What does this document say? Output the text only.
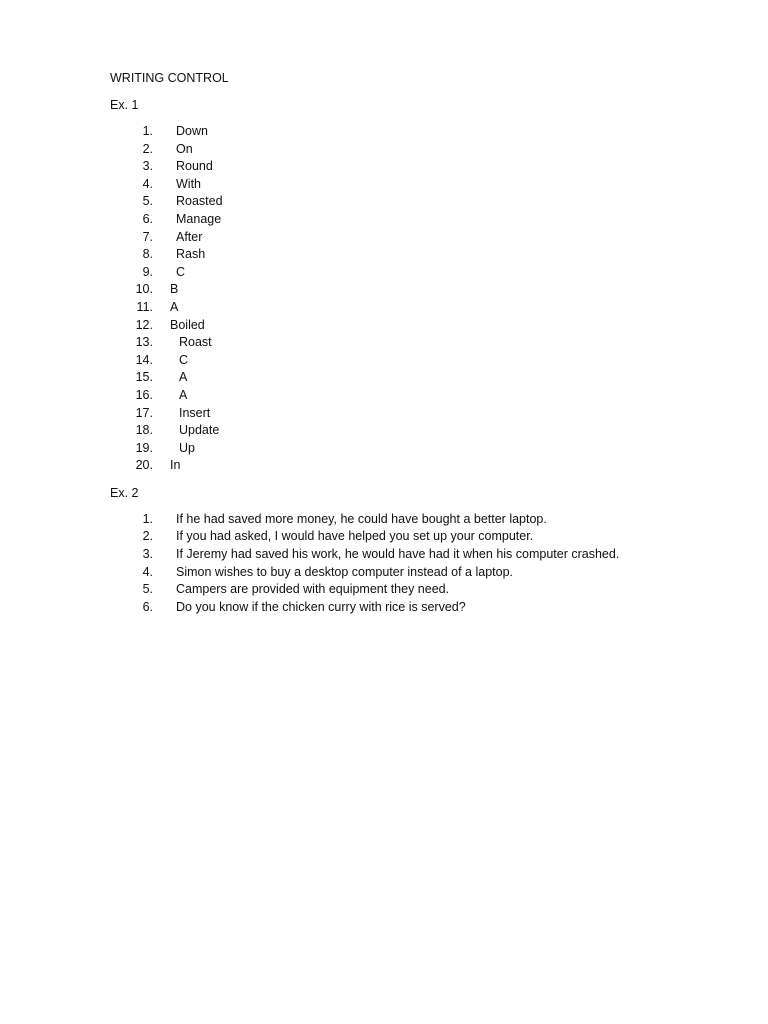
WRITING CONTROL
Ex. 1
1.	Down
2.	On
3.	Round
4.	With
5.	Roasted
6.	Manage
7.	After
8.	Rash
9.	C
10.	B
11.	A
12.	Boiled
13.	Roast
14.	C
15.	A
16.	A
17.	Insert
18.	Update
19.	Up
20.	In
Ex. 2
1.	If he had saved more money, he could have bought a better laptop.
2.	If you had asked, I would have helped you set up your computer.
3.	If Jeremy had saved his work, he would have had it when his computer crashed.
4.	Simon wishes to buy a desktop computer instead of a laptop.
5.	Campers are provided with equipment they need.
6.	Do you know if the chicken curry with rice is served?
